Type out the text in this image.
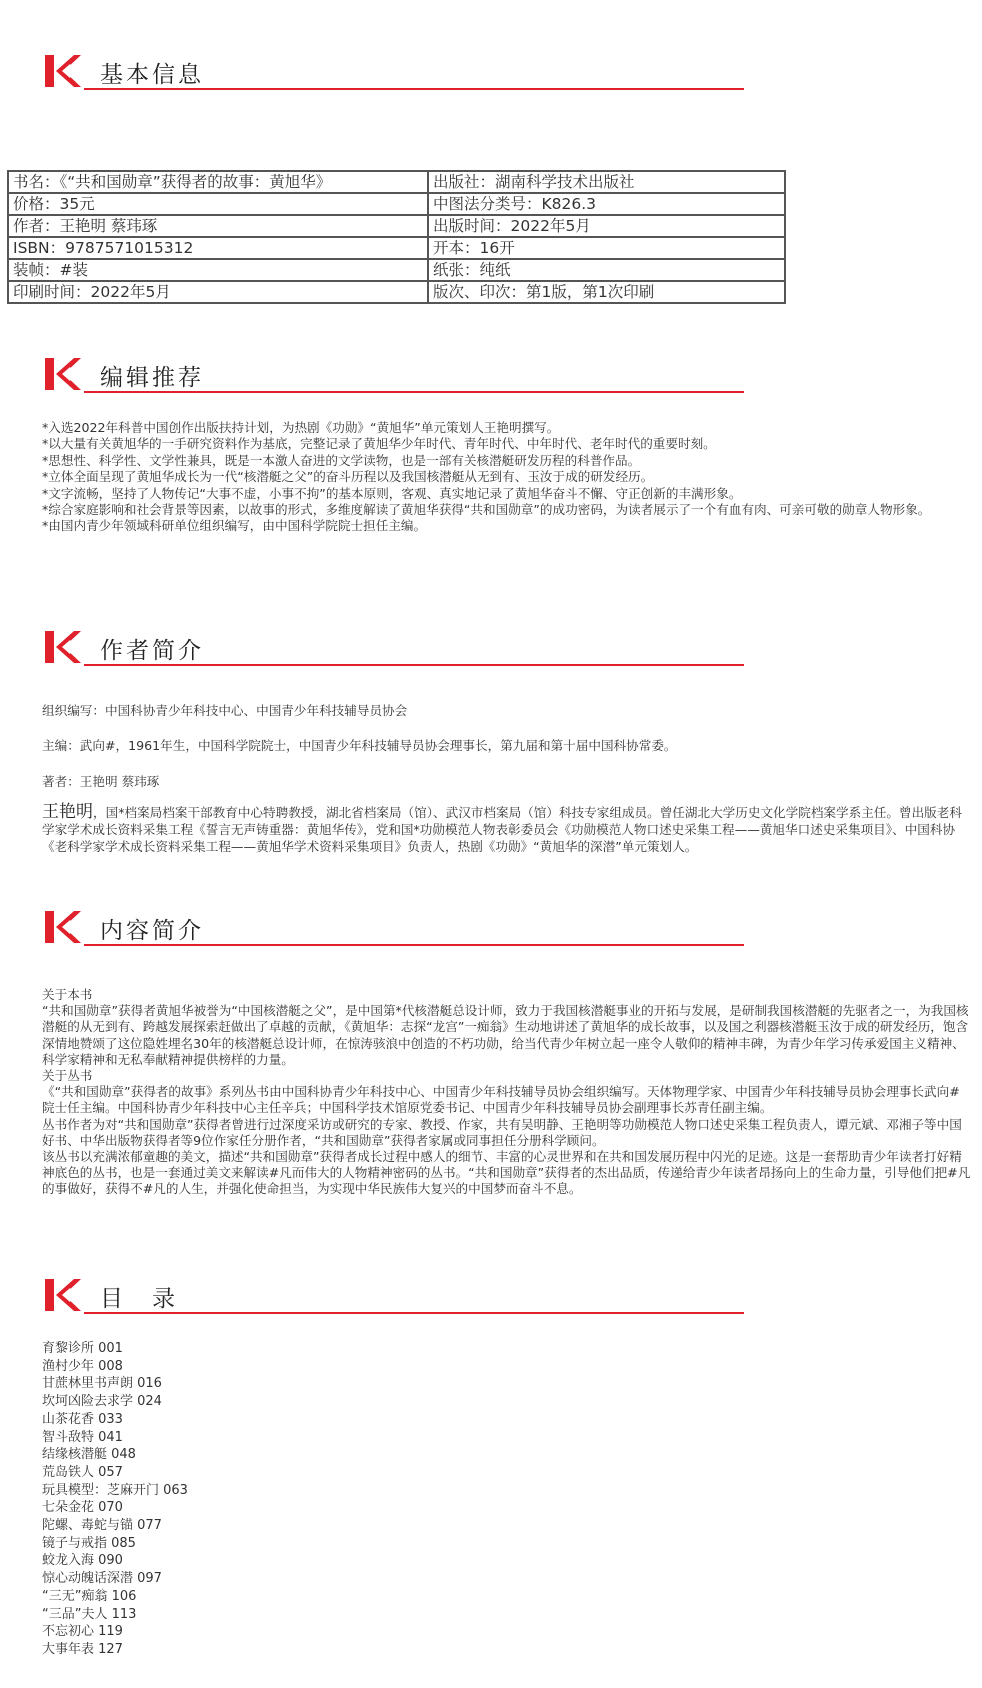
基本信息
书名：《“共和国勋章”获得者的故事：黄旭华》	出版社：湖南科学技术出版社
价格：35元	中图法分类号：K826.3
作者：王艳明 蔡玮琢	出版时间：2022年5月
ISBN：9787571015312	开本：16开
装帧：#装	纸张：纯纸
印刷时间：2022年5月	版次、印次：第1版，第1次印刷
编辑推荐

*入选2022年科普中国创作出版扶持计划，为热剧《功勋》“黄旭华”单元策划人王艳明撰写。

*以大量有关黄旭华的一手研究资料作为基底，完整记录了黄旭华少年时代、青年时代、中年时代、老年时代的重要时刻。

*思想性、科学性、文学性兼具，既是一本激人奋进的文学读物，也是一部有关核潜艇研发历程的科普作品。

*立体全面呈现了黄旭华成长为一代“核潜艇之父”的奋斗历程以及我国核潜艇从无到有、玉汝于成的研发经历。

*文字流畅，坚持了人物传记“大事不虚，小事不拘”的基本原则，客观、真实地记录了黄旭华奋斗不懈、守正创新的丰满形象。

*综合家庭影响和社会背景等因素，以故事的形式，多维度解读了黄旭华获得“共和国勋章”的成功密码，为读者展示了一个有血有肉、可亲可敬的勋章人物形象。

*由国内青少年领域科研单位组织编写，由中国科学院院士担任主编。

作者简介
组织编写：中国科协青少年科技中心、中国青少年科技辅导员协会
主编：武向#，1961年生，中国科学院院士，中国青少年科技辅导员协会理事长，第九届和第十届中国科协常委。
著者：王艳明 蔡玮琢
王艳明，国*档案局档案干部教育中心特聘教授，湖北省档案局（馆）、武汉市档案局（馆）科技专家组成员。曾任湖北大学历史文化学院档案学系主任。曾出版老科学家学术成长资料采集工程《誓言无声铸重器：黄旭华传》，党和国*功勋模范人物表彰委员会《功勋模范人物口述史采集工程——黄旭华口述史采集项目》、中国科协《老科学家学术成长资料采集工程——黄旭华学术资料采集项目》负责人，热剧《功勋》“黄旭华的深潜”单元策划人。
内容简介

关于本书

“共和国勋章”获得者黄旭华被誉为“中国核潜艇之父”，是中国第*代核潜艇总设计师，致力于我国核潜艇事业的开拓与发展，是研制我国核潜艇的先驱者之一，为我国核潜艇的从无到有、跨越发展探索赶做出了卓越的贡献，《黄旭华：志探“龙宫”一痴翁》生动地讲述了黄旭华的成长故事，以及国之利器核潜艇玉汝于成的研发经历，饱含深情地赞颂了这位隐姓埋名30年的核潜艇总设计师，在惊涛骇浪中创造的不朽功勋，给当代青少年树立起一座令人敬仰的精神丰碑，为青少年学习传承爱国主义精神、科学家精神和无私奉献精神提供榜样的力量。

关于丛书

《“共和国勋章”获得者的故事》系列丛书由中国科协青少年科技中心、中国青少年科技辅导员协会组织编写。天体物理学家、中国青少年科技辅导员协会理事长武向#院士任主编。中国科协青少年科技中心主任辛兵；中国科学技术馆原党委书记、中国青少年科技辅导员协会副理事长苏青任副主编。

丛书作者为对“共和国勋章”获得者曾进行过深度采访或研究的专家、教授、作家，共有吴明静、王艳明等功勋模范人物口述史采集工程负责人，谭元斌、邓湘子等中国好书、中华出版物获得者等9位作家任分册作者，“共和国勋章”获得者家属或同事担任分册科学顾问。

该丛书以充满浓郁童趣的美文，描述“共和国勋章”获得者成长过程中感人的细节、丰富的心灵世界和在共和国发展历程中闪光的足迹。这是一套帮助青少年读者打好精神底色的丛书，也是一套通过美文来解读#凡而伟大的人物精神密码的丛书。“共和国勋章”获得者的杰出品质，传递给青少年读者昂扬向上的生命力量，引导他们把#凡的事做好，获得不#凡的人生，并强化使命担当，为实现中华民族伟大复兴的中国梦而奋斗不息。

目　录
育黎诊所 001
渔村少年 008
甘蔗林里书声朗 016
坎坷凶险去求学 024
山茶花香 033
智斗敌特 041
结缘核潜艇 048
荒岛铁人 057
玩具模型：芝麻开门 063
七朵金花 070
陀螺、毒蛇与锚 077
镜子与戒指 085
蛟龙入海 090
惊心动魄话深潜 097
“三无”痴翁 106
“三品”夫人 113
不忘初心 119
大事年表 127
